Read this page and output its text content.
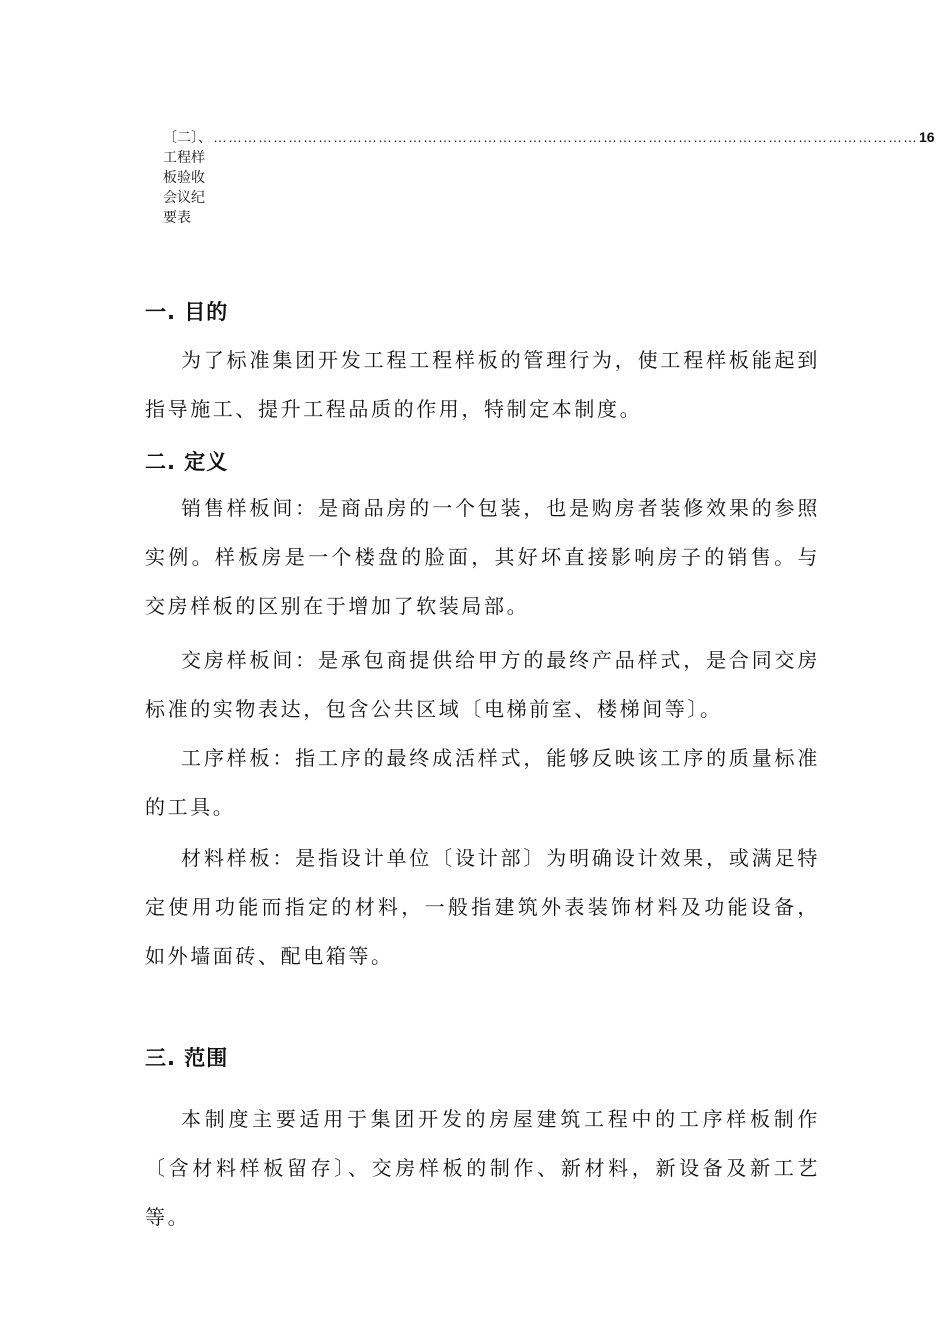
〔二〕、工程样板验收会议纪要表
…………………………………………………………………………………………………………………………… 16
一. 目的
为了标准集团开发工程工程样板的管理行为，使工程样板能起到指导施工、提升工程品质的作用，特制定本制度。
二. 定义
销售样板间：是商品房的一个包装，也是购房者装修效果的参照实例。样板房是一个楼盘的脸面，其好坏直接影响房子的销售。与交房样板的区别在于增加了软装局部。
交房样板间：是承包商提供给甲方的最终产品样式，是合同交房标准的实物表达，包含公共区域〔电梯前室、楼梯间等〕。
工序样板：指工序的最终成活样式，能够反映该工序的质量标准的工具。
材料样板：是指设计单位〔设计部〕为明确设计效果，或满足特定使用功能而指定的材料，一般指建筑外表装饰材料及功能设备，如外墙面砖、配电箱等。
三. 范围
本制度主要适用于集团开发的房屋建筑工程中的工序样板制作〔含材料样板留存〕、交房样板的制作、新材料，新设备及新工艺等。
